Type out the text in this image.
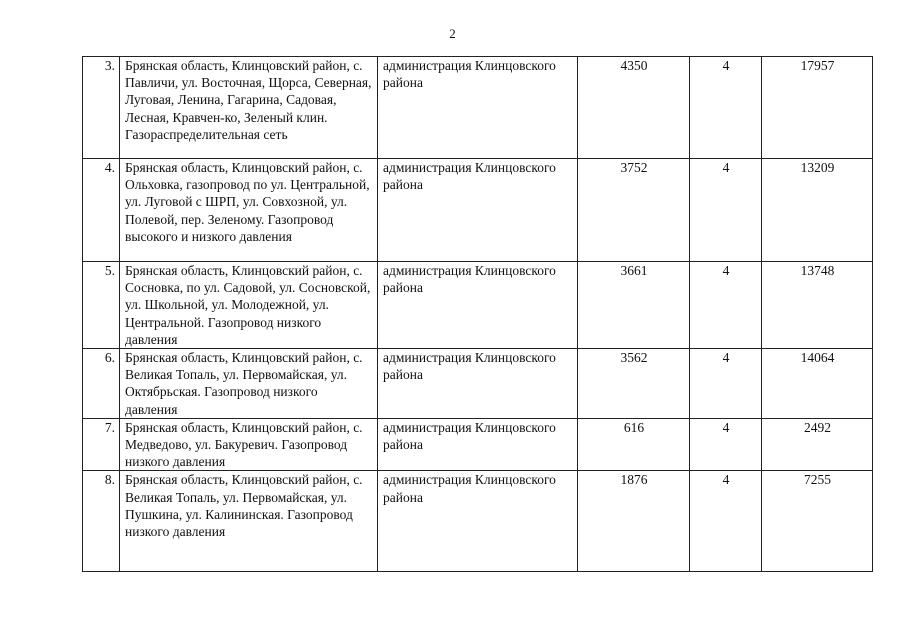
2
3.	Брянская область, Клинцовский район, с. Павличи, ул. Восточная, Щорса, Северная, Луговая, Ленина, Гагарина, Садовая, Лесная, Кравчен-ко, Зеленый клин. Газораспределительная сеть	администрация Клинцовского района	4350	4	17957
4.	Брянская область, Клинцовский район, с. Ольховка, газопровод по ул. Центральной, ул. Луговой с ШРП, ул. Совхозной, ул. Полевой, пер. Зеленому. Газопровод высокого и низкого давления	администрация Клинцовского района	3752	4	13209
5.	Брянская область, Клинцовский район, с. Сосновка, по ул. Садовой, ул. Сосновской, ул. Школьной, ул. Молодежной, ул. Центральной. Газопровод низкого давления	администрация Клинцовского района	3661	4	13748
6.	Брянская область, Клинцовский район, с. Великая Топаль, ул. Первомайская, ул. Октябрьская. Газопровод низкого давления	администрация Клинцовского района	3562	4	14064
7.	Брянская область, Клинцовский район, с. Медведово, ул. Бакуревич. Газопровод низкого давления	администрация Клинцовского района	616	4	2492
8.	Брянская область, Клинцовский район, с. Великая Топаль, ул. Первомайская, ул. Пушкина, ул. Калининская. Газопровод низкого давления	администрация Клинцовского района	1876	4	7255
